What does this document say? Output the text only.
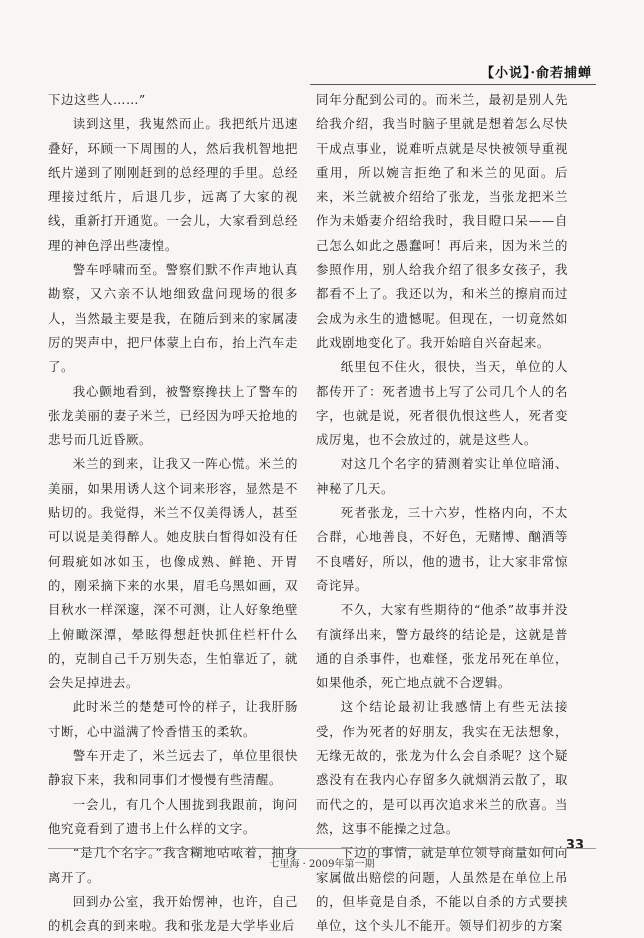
【小说】·俞若捕蝉

下边这些人……”

读到这里，我嵬然而止。我把纸片迅速叠好，环顾一下周围的人，然后我机智地把纸片递到了刚刚赶到的总经理的手里。总经理接过纸片，后退几步，远离了大家的视线，重新打开通览。一会儿，大家看到总经理的神色浮出些凄惶。

警车呼啸而至。警察们默不作声地认真勘察，又六亲不认地细致盘问现场的很多人，当然最主要是我，在随后到来的家属凄厉的哭声中，把尸体蒙上白布，抬上汽车走了。

我心颤地看到，被警察搀扶上了警车的张龙美丽的妻子米兰，已经因为呼天抢地的悲号而几近昏厥。

米兰的到来，让我又一阵心慌。米兰的美丽，如果用诱人这个词来形容，显然是不贴切的。我觉得，米兰不仅美得诱人，甚至可以说是美得醉人。她皮肤白皙得如没有任何瑕疵如冰如玉，也像成熟、鲜艳、开胃的，刚采摘下来的水果，眉毛乌黑如画，双目秋水一样深邃，深不可测，让人好象绝壁上俯瞰深潭，晕眩得想赶快抓住栏杆什么的，克制自己千万别失态，生怕靠近了，就会失足掉进去。

此时米兰的楚楚可怜的样子，让我肝肠寸断，心中溢满了怜香惜玉的柔软。

警车开走了，米兰远去了，单位里很快静寂下来，我和同事们才慢慢有些清醒。

一会儿，有几个人围拢到我跟前，询问他究竟看到了遗书上什么样的文字。

“是几个名字。”我含糊地咕哝着，抽身离开了。

回到办公室，我开始愣神，也许，自己的机会真的到来啦。我和张龙是大学毕业后

同年分配到公司的。而米兰，最初是别人先给我介绍，我当时脑子里就是想着怎么尽快干成点事业，说难听点就是尽快被领导重视重用，所以婉言拒绝了和米兰的见面。后来，米兰就被介绍给了张龙，当张龙把米兰作为未婚妻介绍给我时，我目瞪口呆——自己怎么如此之愚蠢呵！再后来，因为米兰的参照作用，别人给我介绍了很多女孩子，我都看不上了。我还以为，和米兰的擦肩而过会成为永生的遗憾呢。但现在，一切竟然如此戏剧地变化了。我开始暗自兴奋起来。

纸里包不住火，很快，当天，单位的人都传开了：死者遗书上写了公司几个人的名字，也就是说，死者很仇恨这些人，死者变成厉鬼，也不会放过的，就是这些人。

对这几个名字的猜测着实让单位暗涌、神秘了几天。

死者张龙，三十六岁，性格内向，不太合群，心地善良，不好色，无赌博、酗酒等不良嗜好，所以，他的遗书，让大家非常惊奇诧异。

不久，大家有些期待的“他杀”故事并没有演绎出来，警方最终的结论是，这就是普通的自杀事件，也难怪，张龙吊死在单位，如果他杀，死亡地点就不合逻辑。

这个结论最初让我感情上有些无法接受，作为死者的好朋友，我实在无法想象，无缘无故的，张龙为什么会自杀呢？这个疑惑没有在我内心存留多久就烟消云散了，取而代之的，是可以再次追求米兰的欣喜。当然，这事不能操之过急。

下边的事情，就是单位领导商量如何向家属做出赔偿的问题，人虽然是在单位上吊的，但毕竟是自杀，不能以自杀的方式要挟单位，这个头儿不能开。领导们初步的方案

33
七里海 · 2009年第一期
